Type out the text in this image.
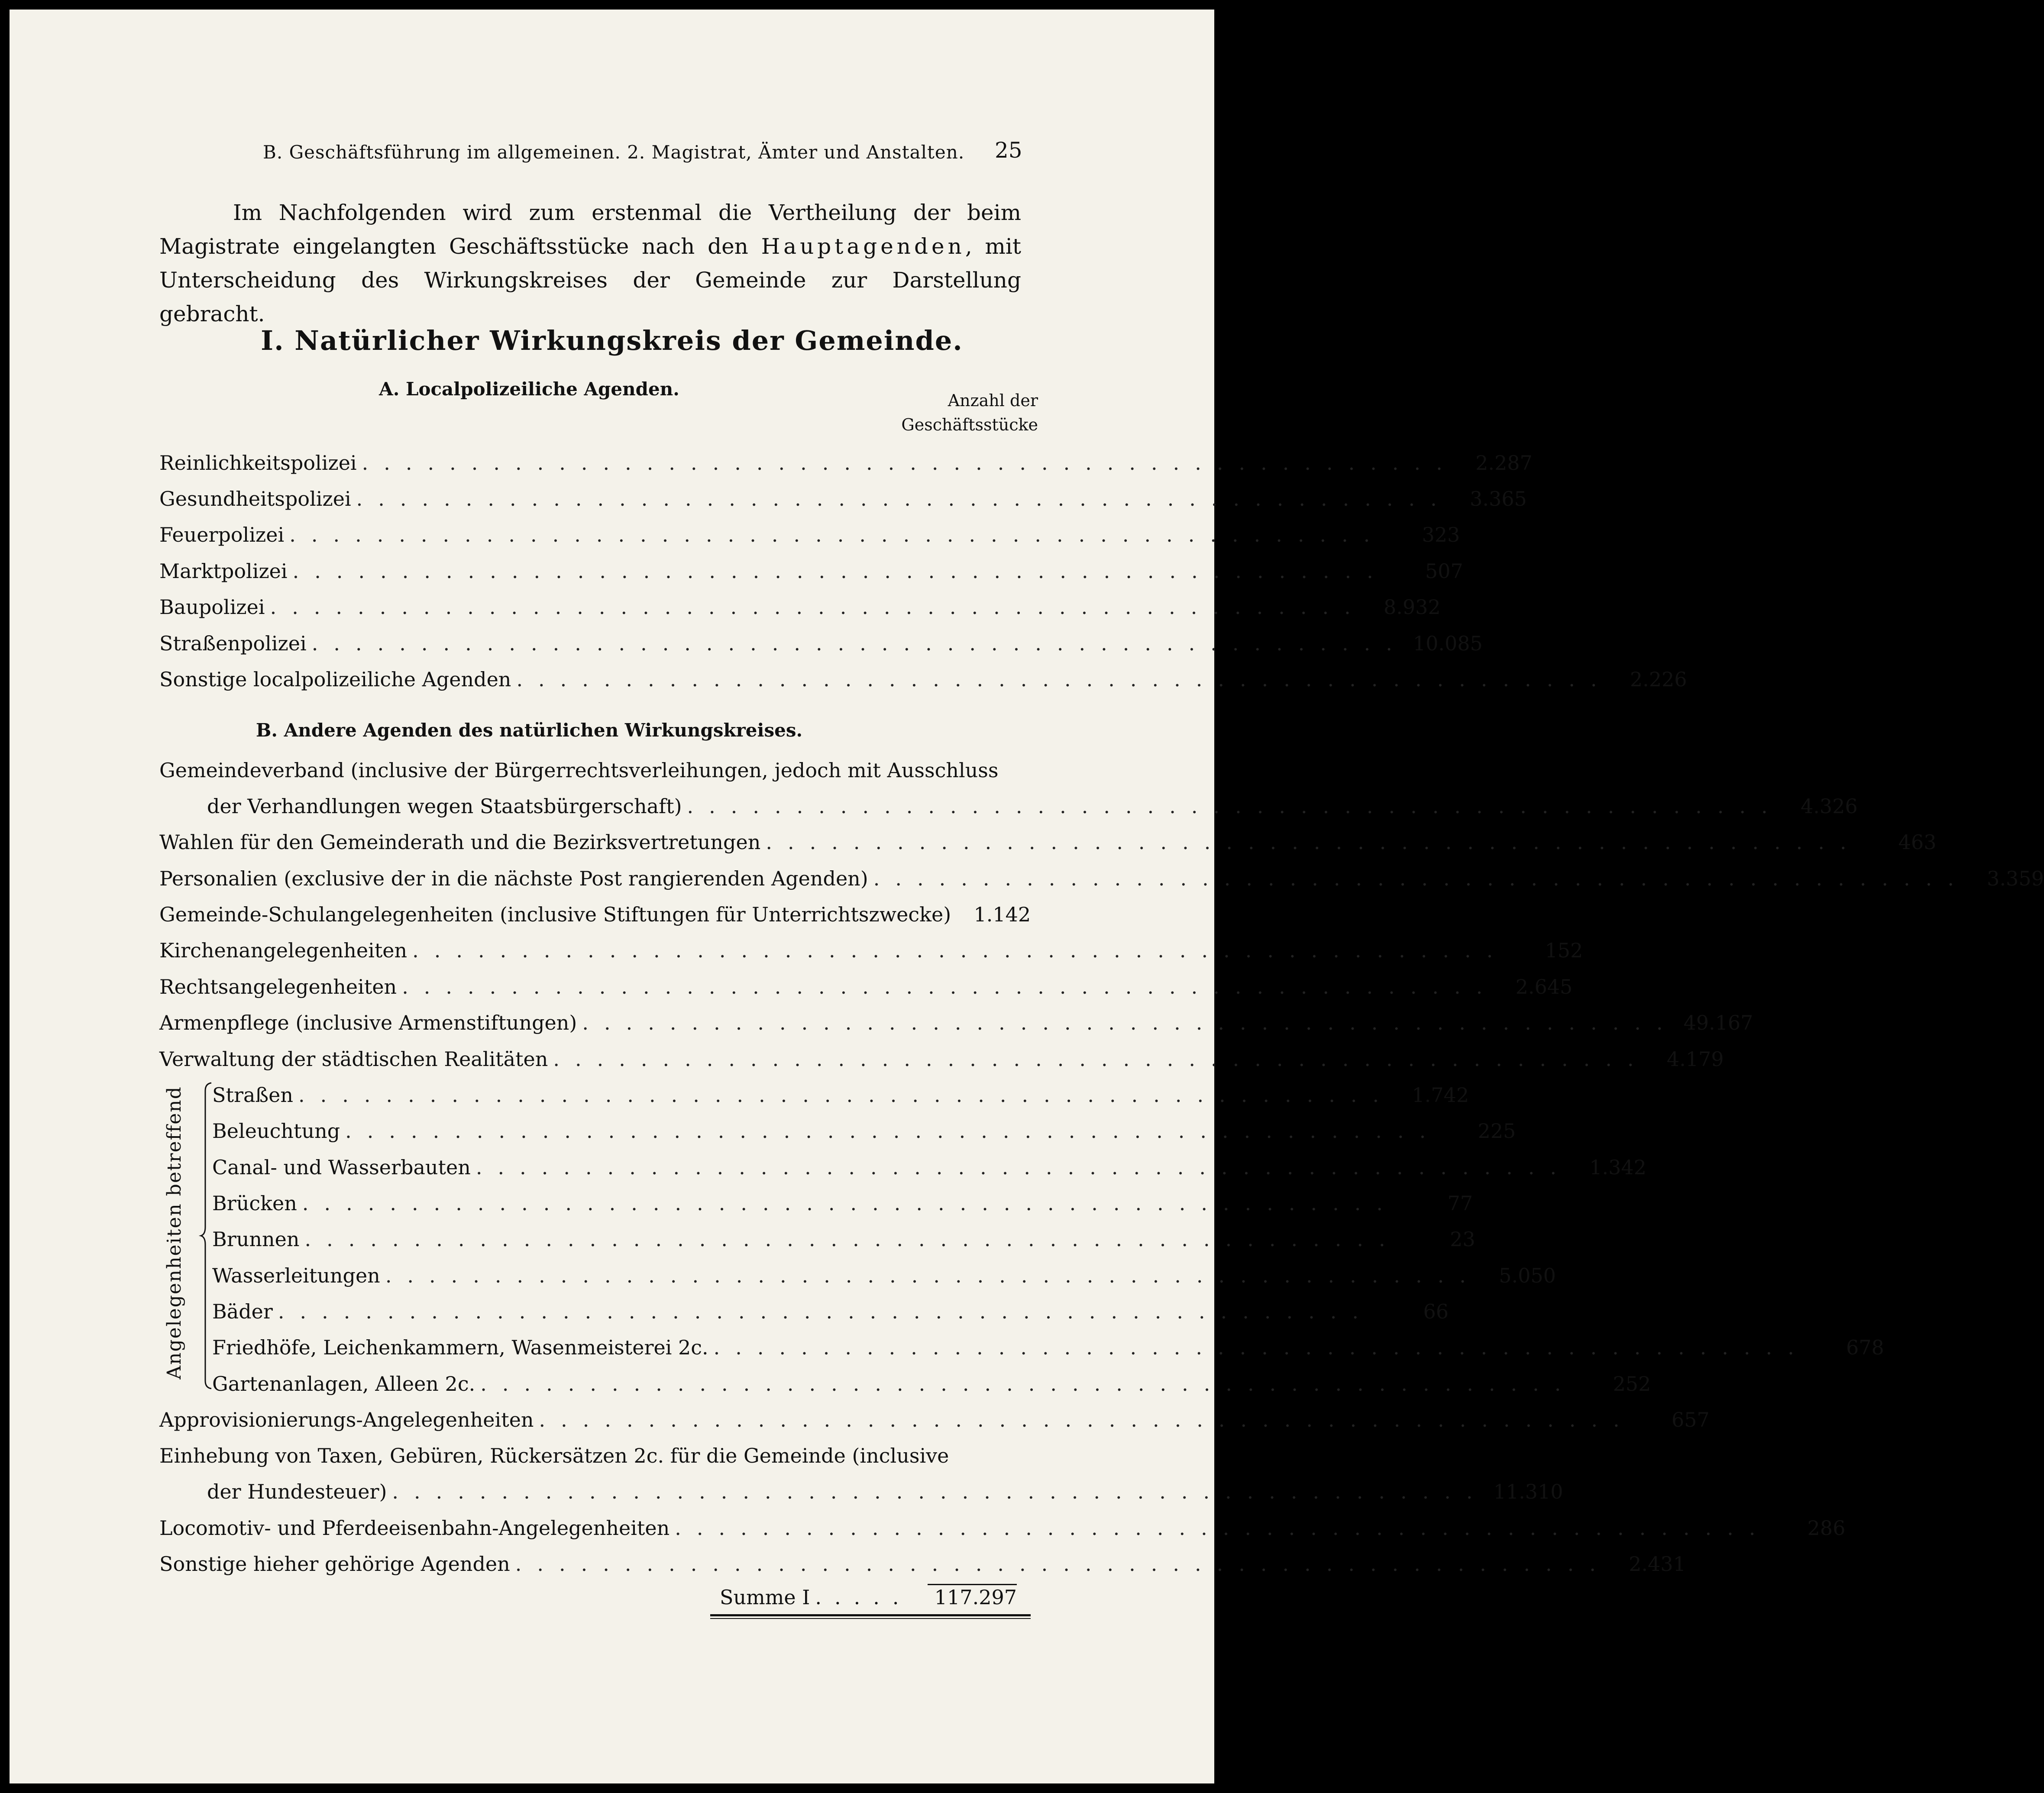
B. Geschäftsführung im allgemeinen. 2. Magistrat, Ämter und Anstalten. 25
Im Nachfolgenden wird zum erstenmal die Vertheilung der beim Magistrate eingelangten Geschäftsstücke nach den Hauptagenden, mit Unterscheidung des Wirkungskreises der Gemeinde zur Darstellung gebracht.
I. Natürlicher Wirkungskreis der Gemeinde.
A. Localpolizeiliche Agenden.
Anzahl der
Geschäftsstücke
B. Andere Agenden des natürlichen Wirkungskreises.
Angelegenheiten betreffend
Summe I .....	117.297
Reinlichkeitspolizei .................................................. 2.287
Gesundheitspolizei .................................................. 3.365
Feuerpolizei ..................................................	323
Marktpolizei ..................................................	507
Baupolizei .................................................. 8.932
Straßenpolizei .................................................. 10.085
Sonstige localpolizeiliche Agenden .................................................. 2.226
Gemeindeverband (inclusive der Bürgerrechtsverleihungen, jedoch mit Ausschluss
der Verhandlungen wegen Staatsbürgerschaft) .................................................. 4.326
Wahlen für den Gemeinderath und die Bezirksvertretungen ..................................................	463
Personalien (exclusive der in die nächste Post rangierenden Agenden) .................................................. 3.359
Gemeinde-Schulangelegenheiten (inclusive Stiftungen für Unterrichtszwecke)	1.142
Kirchenangelegenheiten ..................................................	152
Rechtsangelegenheiten .................................................. 2.645
Armenpflege (inclusive Armenstiftungen) .................................................. 49.167
Verwaltung der städtischen Realitäten .................................................. 4.179
Straßen .................................................. 1.742
Beleuchtung ..................................................	225
Canal- und Wasserbauten .................................................. 1.342
Brücken ..................................................	77
Brunnen ..................................................	23
Wasserleitungen .................................................. 5.050
Bäder ..................................................	66
Friedhöfe, Leichenkammern, Wasenmeisterei 2c. ..................................................	678
Gartenanlagen, Alleen 2c. ..................................................	252
Approvisionierungs-Angelegenheiten ..................................................	657
Einhebung von Taxen, Gebüren, Rückersätzen 2c. für die Gemeinde (inclusive
der Hundesteuer) .................................................. 11.310
Locomotiv- und Pferdeeisenbahn-Angelegenheiten ..................................................	286
Sonstige hieher gehörige Agenden .................................................. 2.431
